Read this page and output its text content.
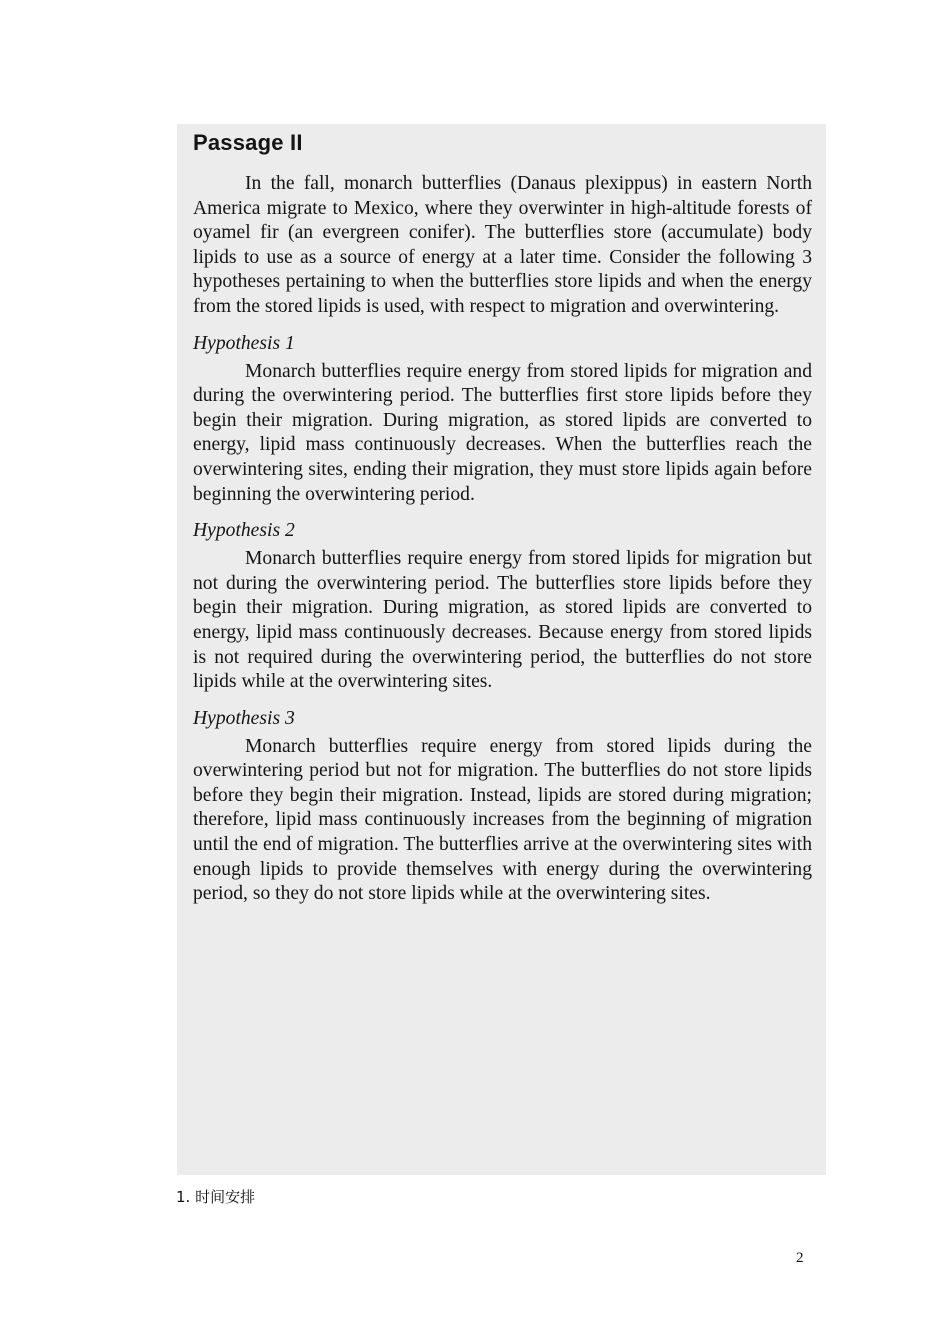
Passage II

In the fall, monarch butterflies (Danaus plexippus) in eastern North America migrate to Mexico, where they overwinter in high-altitude forests of oyamel fir (an evergreen conifer). The butterflies store (accumulate) body lipids to use as a source of energy at a later time. Consider the following 3 hypotheses pertaining to when the butterflies store lipids and when the energy from the stored lipids is used, with respect to migration and overwintering.

Hypothesis 1

Monarch butterflies require energy from stored lipids for migration and during the overwintering period. The butterflies first store lipids before they begin their migration. During migration, as stored lipids are converted to energy, lipid mass continuously decreases. When the butterflies reach the overwintering sites, ending their migration, they must store lipids again before beginning the overwintering period.

Hypothesis 2

Monarch butterflies require energy from stored lipids for migration but not during the overwintering period. The butterflies store lipids before they begin their migration. During migration, as stored lipids are converted to energy, lipid mass continuously decreases. Because energy from stored lipids is not required during the overwintering period, the butterflies do not store lipids while at the overwintering sites.

Hypothesis 3

Monarch butterflies require energy from stored lipids during the overwintering period but not for migration. The butterflies do not store lipids before they begin their migration. Instead, lipids are stored during migration; therefore, lipid mass continuously increases from the beginning of migration until the end of migration. The butterflies arrive at the overwintering sites with enough lipids to provide themselves with energy during the overwintering period, so they do not store lipids while at the overwintering sites.

1. 时间安排
2
